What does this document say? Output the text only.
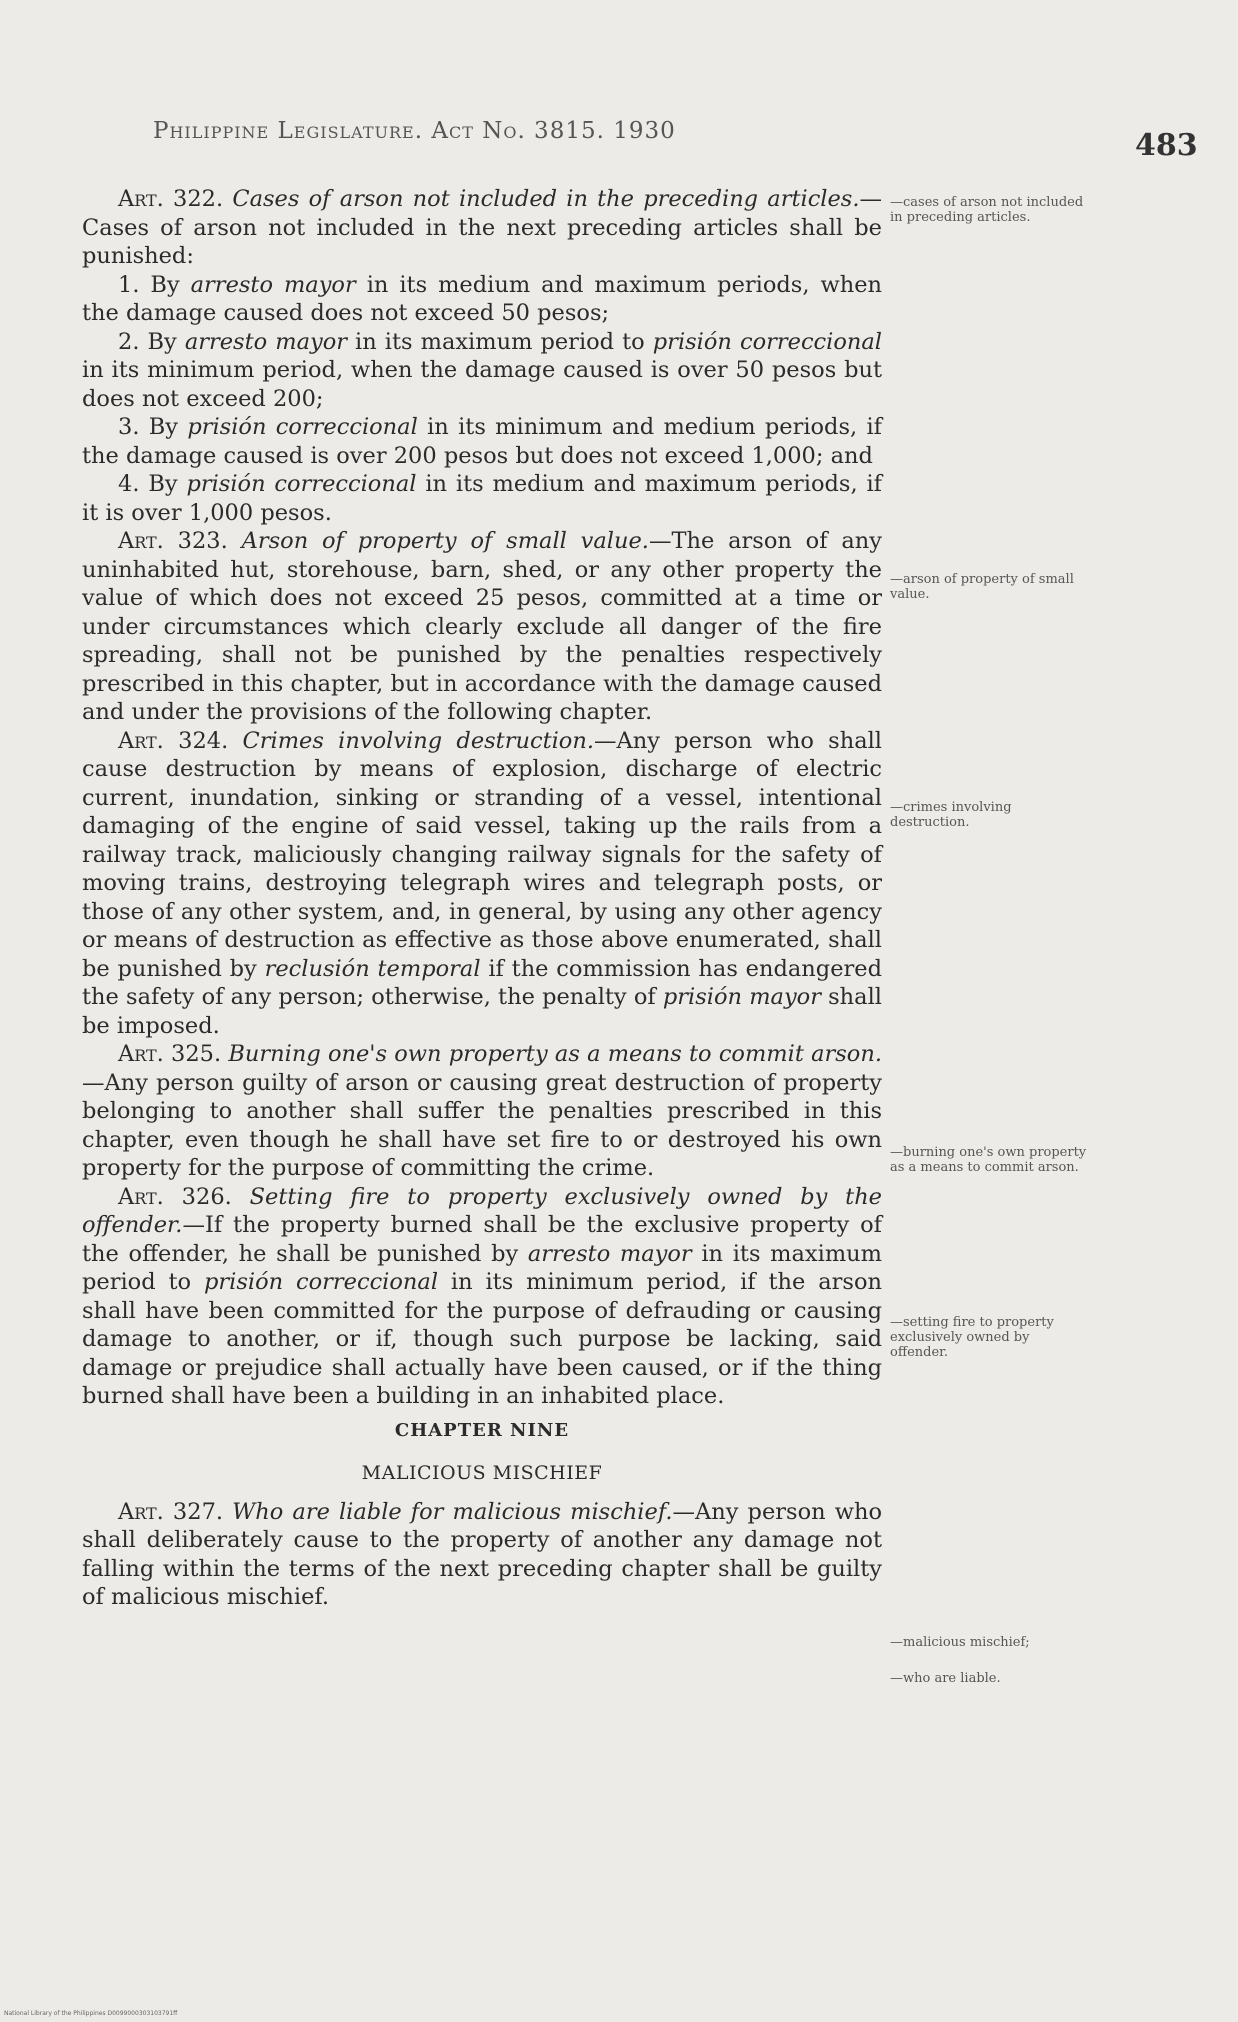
Philippine Legislature. Act No. 3815. 1930	483

Art. 322. Cases of arson not included in the preceding articles.—Cases of arson not included in the next preceding articles shall be punished:

1. By arresto mayor in its medium and maximum periods, when the damage caused does not exceed 50 pesos;

2. By arresto mayor in its maximum period to prisión correccional in its minimum period, when the damage caused is over 50 pesos but does not exceed 200;

3. By prisión correccional in its minimum and medium periods, if the damage caused is over 200 pesos but does not exceed 1,000; and

4. By prisión correccional in its medium and maximum periods, if it is over 1,000 pesos.

Art. 323. Arson of property of small value.—The arson of any uninhabited hut, storehouse, barn, shed, or any other property the value of which does not exceed 25 pesos, committed at a time or under circumstances which clearly exclude all danger of the fire spreading, shall not be punished by the penalties respectively prescribed in this chapter, but in accordance with the damage caused and under the provisions of the following chapter.

Art. 324. Crimes involving destruction.—Any person who shall cause destruction by means of explosion, discharge of electric current, inundation, sinking or stranding of a vessel, intentional damaging of the engine of said vessel, taking up the rails from a railway track, maliciously changing railway signals for the safety of moving trains, destroying telegraph wires and telegraph posts, or those of any other system, and, in general, by using any other agency or means of destruction as effective as those above enumerated, shall be punished by reclusión temporal if the commission has endangered the safety of any person; otherwise, the penalty of prisión mayor shall be imposed.

Art. 325. Burning one's own property as a means to commit arson.—Any person guilty of arson or causing great destruction of property belonging to another shall suffer the penalties prescribed in this chapter, even though he shall have set fire to or destroyed his own property for the purpose of committing the crime.

Art. 326. Setting fire to property exclusively owned by the offender.—If the property burned shall be the exclusive property of the offender, he shall be punished by arresto mayor in its maximum period to prisión correccional in its minimum period, if the arson shall have been committed for the purpose of defrauding or causing damage to another, or if, though such purpose be lacking, said damage or prejudice shall actually have been caused, or if the thing burned shall have been a building in an inhabited place.

CHAPTER NINE

MALICIOUS MISCHIEF

Art. 327. Who are liable for malicious mischief.—Any person who shall deliberately cause to the property of another any damage not falling within the terms of the next preceding chapter shall be guilty of malicious mischief.

—cases of arson not included in preceding articles.
—arson of property of small value.
—crimes involving destruction.
—burning one's own property as a means to commit arson.
—setting fire to property exclusively owned by offender.
—malicious mischief;
—who are liable.
National Library of the Philippines D0099000303103791ff
